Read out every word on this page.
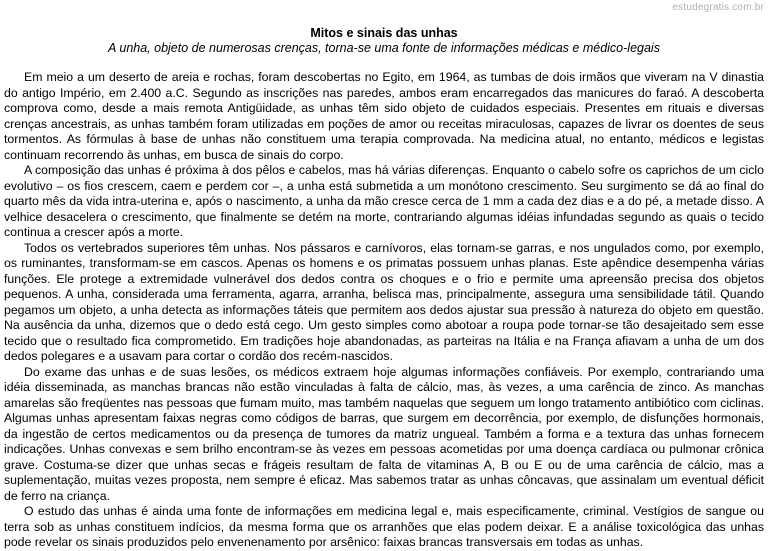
estudegratis.com.br
Mitos e sinais das unhas

A unha, objeto de numerosas crenças, torna-se uma fonte de informações médicas e médico-legais

Em meio a um deserto de areia e rochas, foram descobertas no Egito, em 1964, as tumbas de dois irmãos que viveram na V dinastia do antigo Império, em 2.400 a.C. Segundo as inscrições nas paredes, ambos eram encarregados das manicures do faraó. A descoberta comprova como, desde a mais remota Antigüidade, as unhas têm sido objeto de cuidados especiais. Presentes em rituais e diversas crenças ancestrais, as unhas também foram utilizadas em poções de amor ou receitas miraculosas, capazes de livrar os doentes de seus tormentos. As fórmulas à base de unhas não constituem uma terapia comprovada. Na medicina atual, no entanto, médicos e legistas continuam recorrendo às unhas, em busca de sinais do corpo.

A composição das unhas é próxima à dos pêlos e cabelos, mas há várias diferenças. Enquanto o cabelo sofre os caprichos de um ciclo evolutivo – os fios crescem, caem e perdem cor –, a unha está submetida a um monótono crescimento. Seu surgimento se dá ao final do quarto mês da vida intra-uterina e, após o nascimento, a unha da mão cresce cerca de 1 mm a cada dez dias e a do pé, a metade disso. A velhice desacelera o crescimento, que finalmente se detém na morte, contrariando algumas idéias infundadas segundo as quais o tecido continua a crescer após a morte.

Todos os vertebrados superiores têm unhas. Nos pássaros e carnívoros, elas tornam-se garras, e nos ungulados como, por exemplo, os ruminantes, transformam-se em cascos. Apenas os homens e os primatas possuem unhas planas. Este apêndice desempenha várias funções. Ele protege a extremidade vulnerável dos dedos contra os choques e o frio e permite uma apreensão precisa dos objetos pequenos. A unha, considerada uma ferramenta, agarra, arranha, belisca mas, principalmente, assegura uma sensibilidade tátil. Quando pegamos um objeto, a unha detecta as informações táteis que permitem aos dedos ajustar sua pressão à natureza do objeto em questão. Na ausência da unha, dizemos que o dedo está cego. Um gesto simples como abotoar a roupa pode tornar-se tão desajeitado sem esse tecido que o resultado fica comprometido. Em tradições hoje abandonadas, as parteiras na Itália e na França afiavam a unha de um dos dedos polegares e a usavam para cortar o cordão dos recém-nascidos.

Do exame das unhas e de suas lesões, os médicos extraem hoje algumas informações confiáveis. Por exemplo, contrariando uma idéia disseminada, as manchas brancas não estão vinculadas à falta de cálcio, mas, às vezes, a uma carência de zinco. As manchas amarelas são freqüentes nas pessoas que fumam muito, mas também naquelas que seguem um longo tratamento antibiótico com ciclinas. Algumas unhas apresentam faixas negras como códigos de barras, que surgem em decorrência, por exemplo, de disfunções hormonais, da ingestão de certos medicamentos ou da presença de tumores da matriz ungueal. Também a forma e a textura das unhas fornecem indicações. Unhas convexas e sem brilho encontram-se às vezes em pessoas acometidas por uma doença cardíaca ou pulmonar crônica grave. Costuma-se dizer que unhas secas e frágeis resultam de falta de vitaminas A, B ou E ou de uma carência de cálcio, mas a suplementação, muitas vezes proposta, nem sempre é eficaz. Mas sabemos tratar as unhas côncavas, que assinalam um eventual déficit de ferro na criança.

O estudo das unhas é ainda uma fonte de informações em medicina legal e, mais especificamente, criminal. Vestígios de sangue ou terra sob as unhas constituem indícios, da mesma forma que os arranhões que elas podem deixar. E a análise toxicológica das unhas pode revelar os sinais produzidos pelo envenenamento por arsênico: faixas brancas transversais em todas as unhas.
